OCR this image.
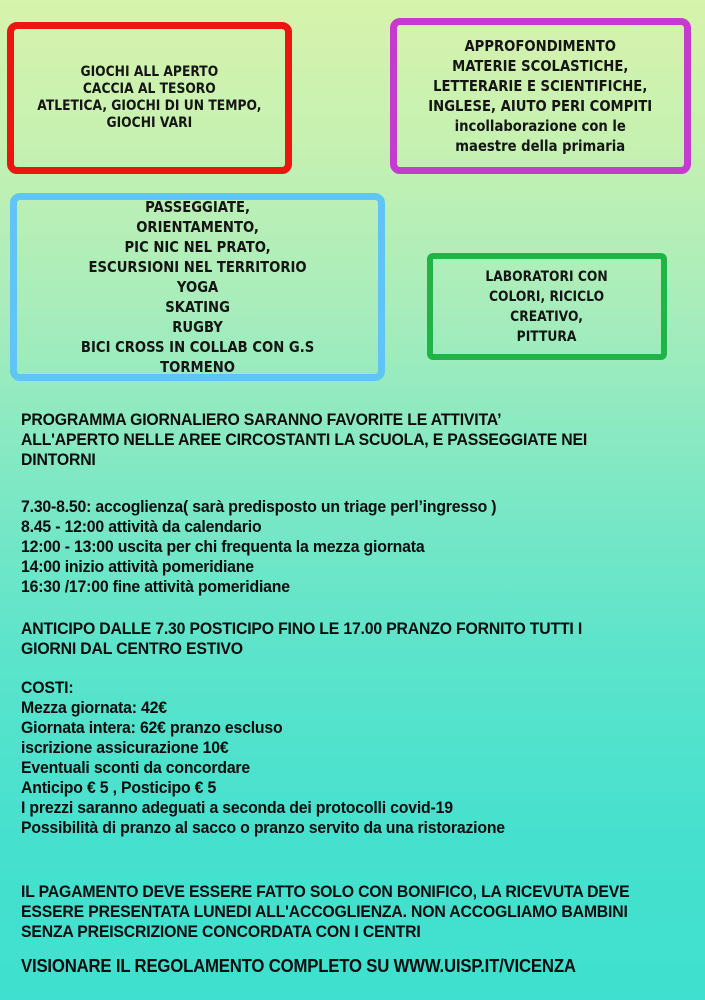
GIOCHI ALL APERTO
CACCIA AL TESORO
ATLETICA, GIOCHI DI UN TEMPO,
GIOCHI VARI
APPROFONDIMENTO
MATERIE SCOLASTICHE,
LETTERARIE E SCIENTIFICHE,
INGLESE, AIUTO PERI COMPITI
incollaborazione con le
maestre della primaria
PASSEGGIATE,
ORIENTAMENTO,
PIC NIC NEL PRATO,
ESCURSIONI NEL TERRITORIO
YOGA
SKATING
RUGBY
BICI CROSS IN COLLAB CON G.S
TORMENO
LABORATORI CON
COLORI, RICICLO
CREATIVO,
PITTURA
PROGRAMMA GIORNALIERO SARANNO FAVORITE LE ATTIVITA’
ALL'APERTO NELLE AREE CIRCOSTANTI LA SCUOLA, E PASSEGGIATE NEI
DINTORNI
7.30-8.50: accoglienza( sarà predisposto un triage perl’ingresso )
8.45 - 12:00 attività da calendario
12:00 - 13:00 uscita per chi frequenta la mezza giornata
14:00 inizio attività pomeridiane
16:30 /17:00 fine attività pomeridiane
ANTICIPO DALLE 7.30 POSTICIPO FINO LE 17.00 PRANZO FORNITO TUTTI I
GIORNI DAL CENTRO ESTIVO
COSTI:
Mezza giornata: 42€
Giornata intera: 62€ pranzo escluso
iscrizione assicurazione 10€
Eventuali sconti da concordare
Anticipo € 5 , Posticipo € 5
I prezzi saranno adeguati a seconda dei protocolli covid-19
Possibilità di pranzo al sacco o pranzo servito da una ristorazione
IL PAGAMENTO DEVE ESSERE FATTO SOLO CON BONIFICO, LA RICEVUTA DEVE
ESSERE PRESENTATA LUNEDI ALL'ACCOGLIENZA. NON ACCOGLIAMO BAMBINI
SENZA PREISCRIZIONE CONCORDATA CON I CENTRI
VISIONARE IL REGOLAMENTO COMPLETO SU WWW.UISP.IT/VICENZA
